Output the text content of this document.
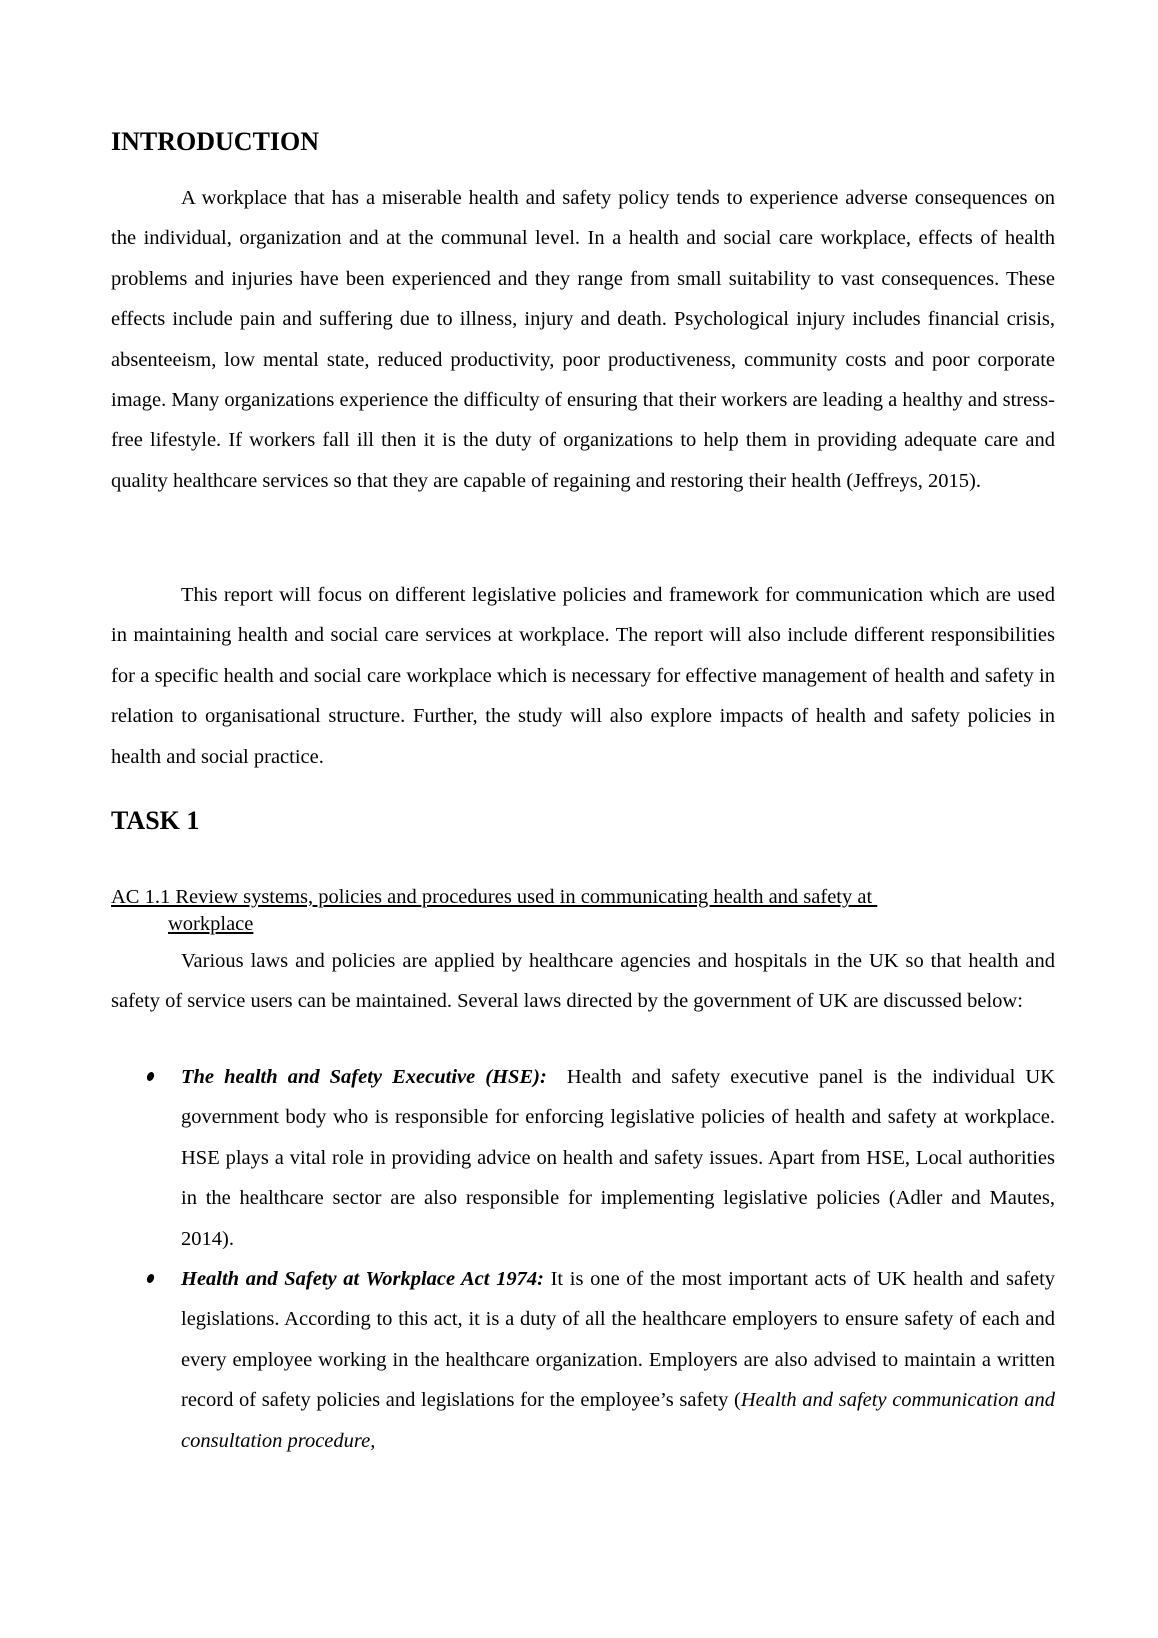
INTRODUCTION

A workplace that has a miserable health and safety policy tends to experience adverse consequences on the individual, organization and at the communal level. In a health and social care workplace, effects of health problems and injuries have been experienced and they range from small suitability to vast consequences. These effects include pain and suffering due to illness, injury and death. Psychological injury includes financial crisis, absenteeism, low mental state, reduced productivity, poor productiveness, community costs and poor corporate image. Many organizations experience the difficulty of ensuring that their workers are leading a healthy and stress-free lifestyle. If workers fall ill then it is the duty of organizations to help them in providing adequate care and quality healthcare services so that they are capable of regaining and restoring their health (Jeffreys, 2015).

This report will focus on different legislative policies and framework for communication which are used in maintaining health and social care services at workplace. The report will also include different responsibilities for a specific health and social care workplace which is necessary for effective management of health and safety in relation to organisational structure. Further, the study will also explore impacts of health and safety policies in health and social practice.

TASK 1
AC 1.1 Review systems, policies and procedures used in communicating health and safety at
workplace

Various laws and policies are applied by healthcare agencies and hospitals in the UK so that health and safety of service users can be maintained. Several laws directed by the government of UK are discussed below:

The health and Safety Executive (HSE): Health and safety executive panel is the individual UK government body who is responsible for enforcing legislative policies of health and safety at workplace. HSE plays a vital role in providing advice on health and safety issues. Apart from HSE, Local authorities in the healthcare sector are also responsible for implementing legislative policies (Adler and Mautes, 2014).
Health and Safety at Workplace Act 1974: It is one of the most important acts of UK health and safety legislations. According to this act, it is a duty of all the healthcare employers to ensure safety of each and every employee working in the healthcare organization. Employers are also advised to maintain a written record of safety policies and legislations for the employee’s safety (Health and safety communication and consultation procedure,
